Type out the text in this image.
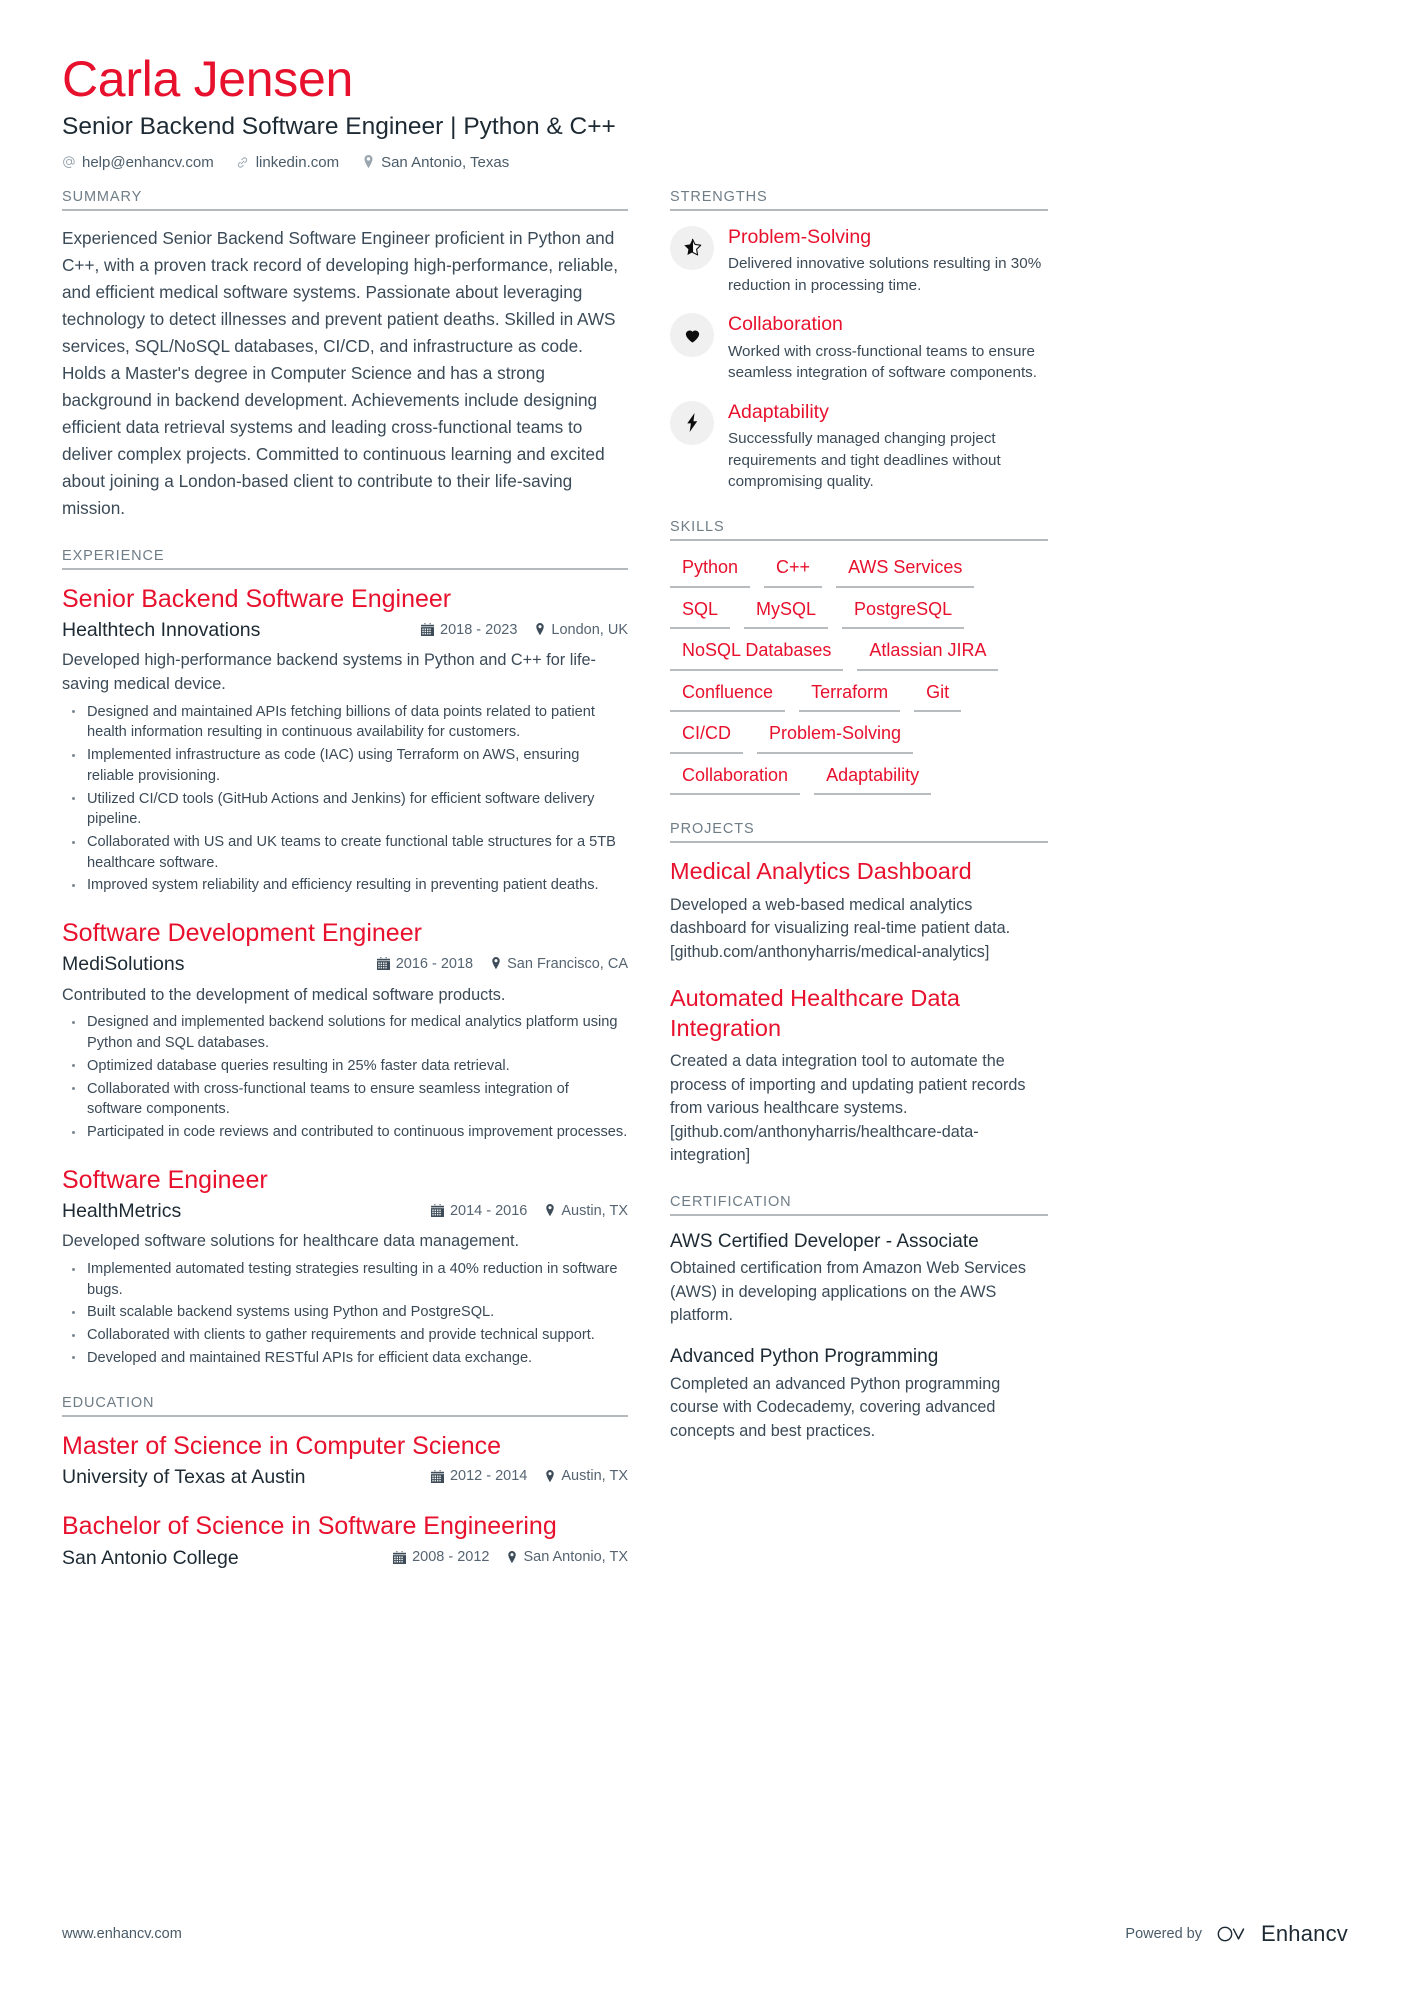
Carla Jensen
Senior Backend Software Engineer | Python & C++
help@enhancv.com	linkedin.com	San Antonio, Texas
SUMMARY
Experienced Senior Backend Software Engineer proficient in Python and C++, with a proven track record of developing high-performance, reliable, and efficient medical software systems. Passionate about leveraging technology to detect illnesses and prevent patient deaths. Skilled in AWS services, SQL/NoSQL databases, CI/CD, and infrastructure as code. Holds a Master's degree in Computer Science and has a strong background in backend development. Achievements include designing efficient data retrieval systems and leading cross-functional teams to deliver complex projects. Committed to continuous learning and excited about joining a London-based client to contribute to their life-saving mission.
EXPERIENCE
Senior Backend Software Engineer
Healthtech Innovations	2018 - 2023 London, UK
Developed high-performance backend systems in Python and C++ for life-saving medical device.
Designed and maintained APIs fetching billions of data points related to patient health information resulting in continuous availability for customers.
Implemented infrastructure as code (IAC) using Terraform on AWS, ensuring reliable provisioning.
Utilized CI/CD tools (GitHub Actions and Jenkins) for efficient software delivery pipeline.
Collaborated with US and UK teams to create functional table structures for a 5TB healthcare software.
Improved system reliability and efficiency resulting in preventing patient deaths.
Software Development Engineer
MediSolutions	2016 - 2018 San Francisco, CA
Contributed to the development of medical software products.
Designed and implemented backend solutions for medical analytics platform using Python and SQL databases.
Optimized database queries resulting in 25% faster data retrieval.
Collaborated with cross-functional teams to ensure seamless integration of software components.
Participated in code reviews and contributed to continuous improvement processes.
Software Engineer
HealthMetrics	2014 - 2016 Austin, TX
Developed software solutions for healthcare data management.
Implemented automated testing strategies resulting in a 40% reduction in software bugs.
Built scalable backend systems using Python and PostgreSQL.
Collaborated with clients to gather requirements and provide technical support.
Developed and maintained RESTful APIs for efficient data exchange.
EDUCATION
Master of Science in Computer Science
University of Texas at Austin	2012 - 2014 Austin, TX
Bachelor of Science in Software Engineering
San Antonio College	2008 - 2012 San Antonio, TX
STRENGTHS
Problem-Solving
Delivered innovative solutions resulting in 30% reduction in processing time.
Collaboration
Worked with cross-functional teams to ensure seamless integration of software components.
Adaptability
Successfully managed changing project requirements and tight deadlines without compromising quality.
SKILLS
Python	C++	AWS Services
SQL	MySQL	PostgreSQL
NoSQL Databases	Atlassian JIRA
Confluence	Terraform	Git
CI/CD	Problem-Solving
Collaboration	Adaptability
PROJECTS
Medical Analytics Dashboard
Developed a web-based medical analytics dashboard for visualizing real-time patient data. [github.com/anthonyharris/medical-analytics]
Automated Healthcare Data Integration
Created a data integration tool to automate the process of importing and updating patient records from various healthcare systems. [github.com/anthonyharris/healthcare-data-integration]
CERTIFICATION
AWS Certified Developer - Associate
Obtained certification from Amazon Web Services (AWS) in developing applications on the AWS platform.
Advanced Python Programming
Completed an advanced Python programming course with Codecademy, covering advanced concepts and best practices.
www.enhancv.com	Powered by	Enhancv
